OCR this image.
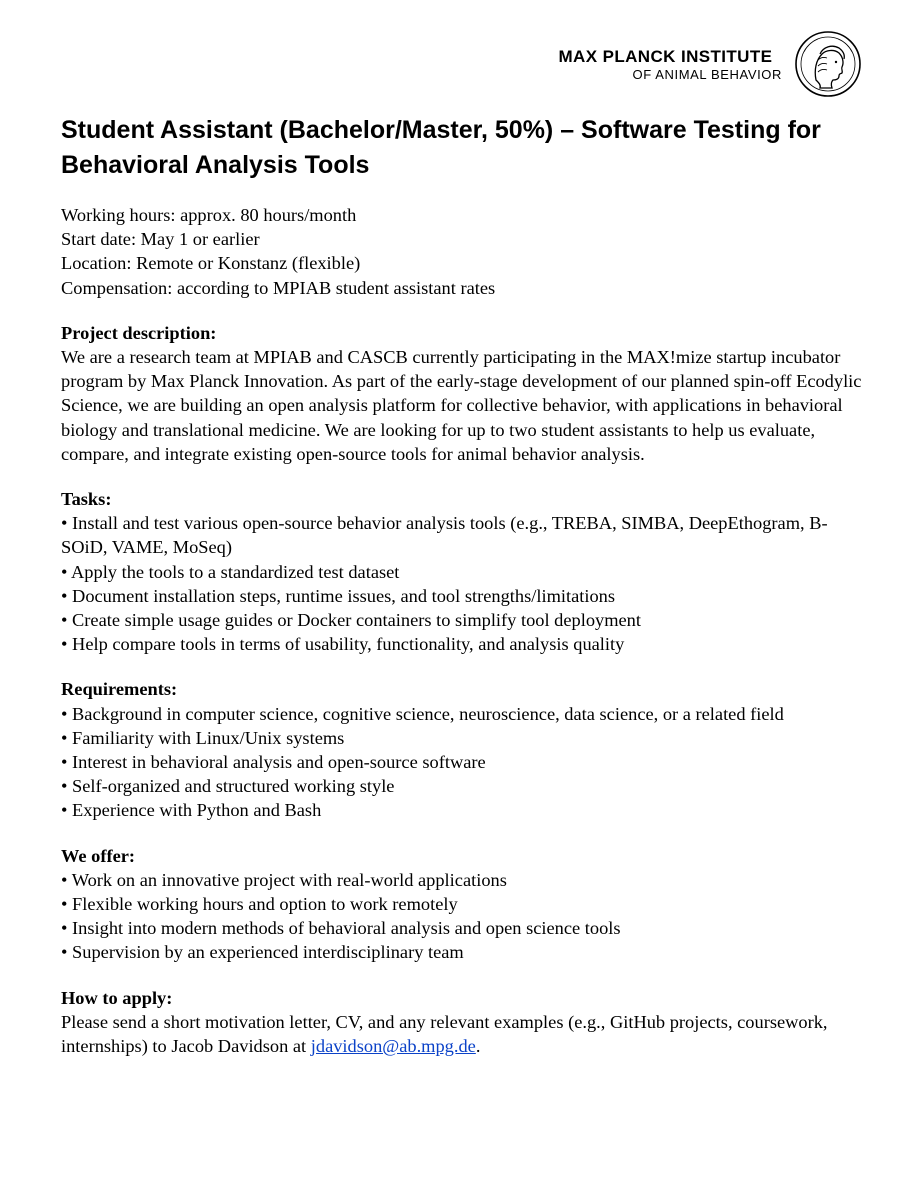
MAX PLANCK INSTITUTE
OF ANIMAL BEHAVIOR
Student Assistant (Bachelor/Master, 50%) – Software Testing for Behavioral Analysis Tools

Working hours: approx. 80 hours/month

Start date: May 1 or earlier

Location: Remote or Konstanz (flexible)

Compensation: according to MPIAB student assistant rates

Project description:

We are a research team at MPIAB and CASCB currently participating in the MAX!mize startup incubator program by Max Planck Innovation. As part of the early-stage development of our planned spin-off Ecodylic Science, we are building an open analysis platform for collective behavior, with applications in behavioral biology and translational medicine. We are looking for up to two student assistants to help us evaluate, compare, and integrate existing open-source tools for animal behavior analysis.

Tasks:

• Install and test various open-source behavior analysis tools (e.g., TREBA, SIMBA, DeepEthogram, B-SOiD, VAME, MoSeq)

• Apply the tools to a standardized test dataset

• Document installation steps, runtime issues, and tool strengths/limitations

• Create simple usage guides or Docker containers to simplify tool deployment

• Help compare tools in terms of usability, functionality, and analysis quality

Requirements:

• Background in computer science, cognitive science, neuroscience, data science, or a related field

• Familiarity with Linux/Unix systems

• Interest in behavioral analysis and open-source software

• Self-organized and structured working style

• Experience with Python and Bash

We offer:

• Work on an innovative project with real-world applications

• Flexible working hours and option to work remotely

• Insight into modern methods of behavioral analysis and open science tools

• Supervision by an experienced interdisciplinary team

How to apply:

Please send a short motivation letter, CV, and any relevant examples (e.g., GitHub projects, coursework, internships) to Jacob Davidson at jdavidson@ab.mpg.de.
